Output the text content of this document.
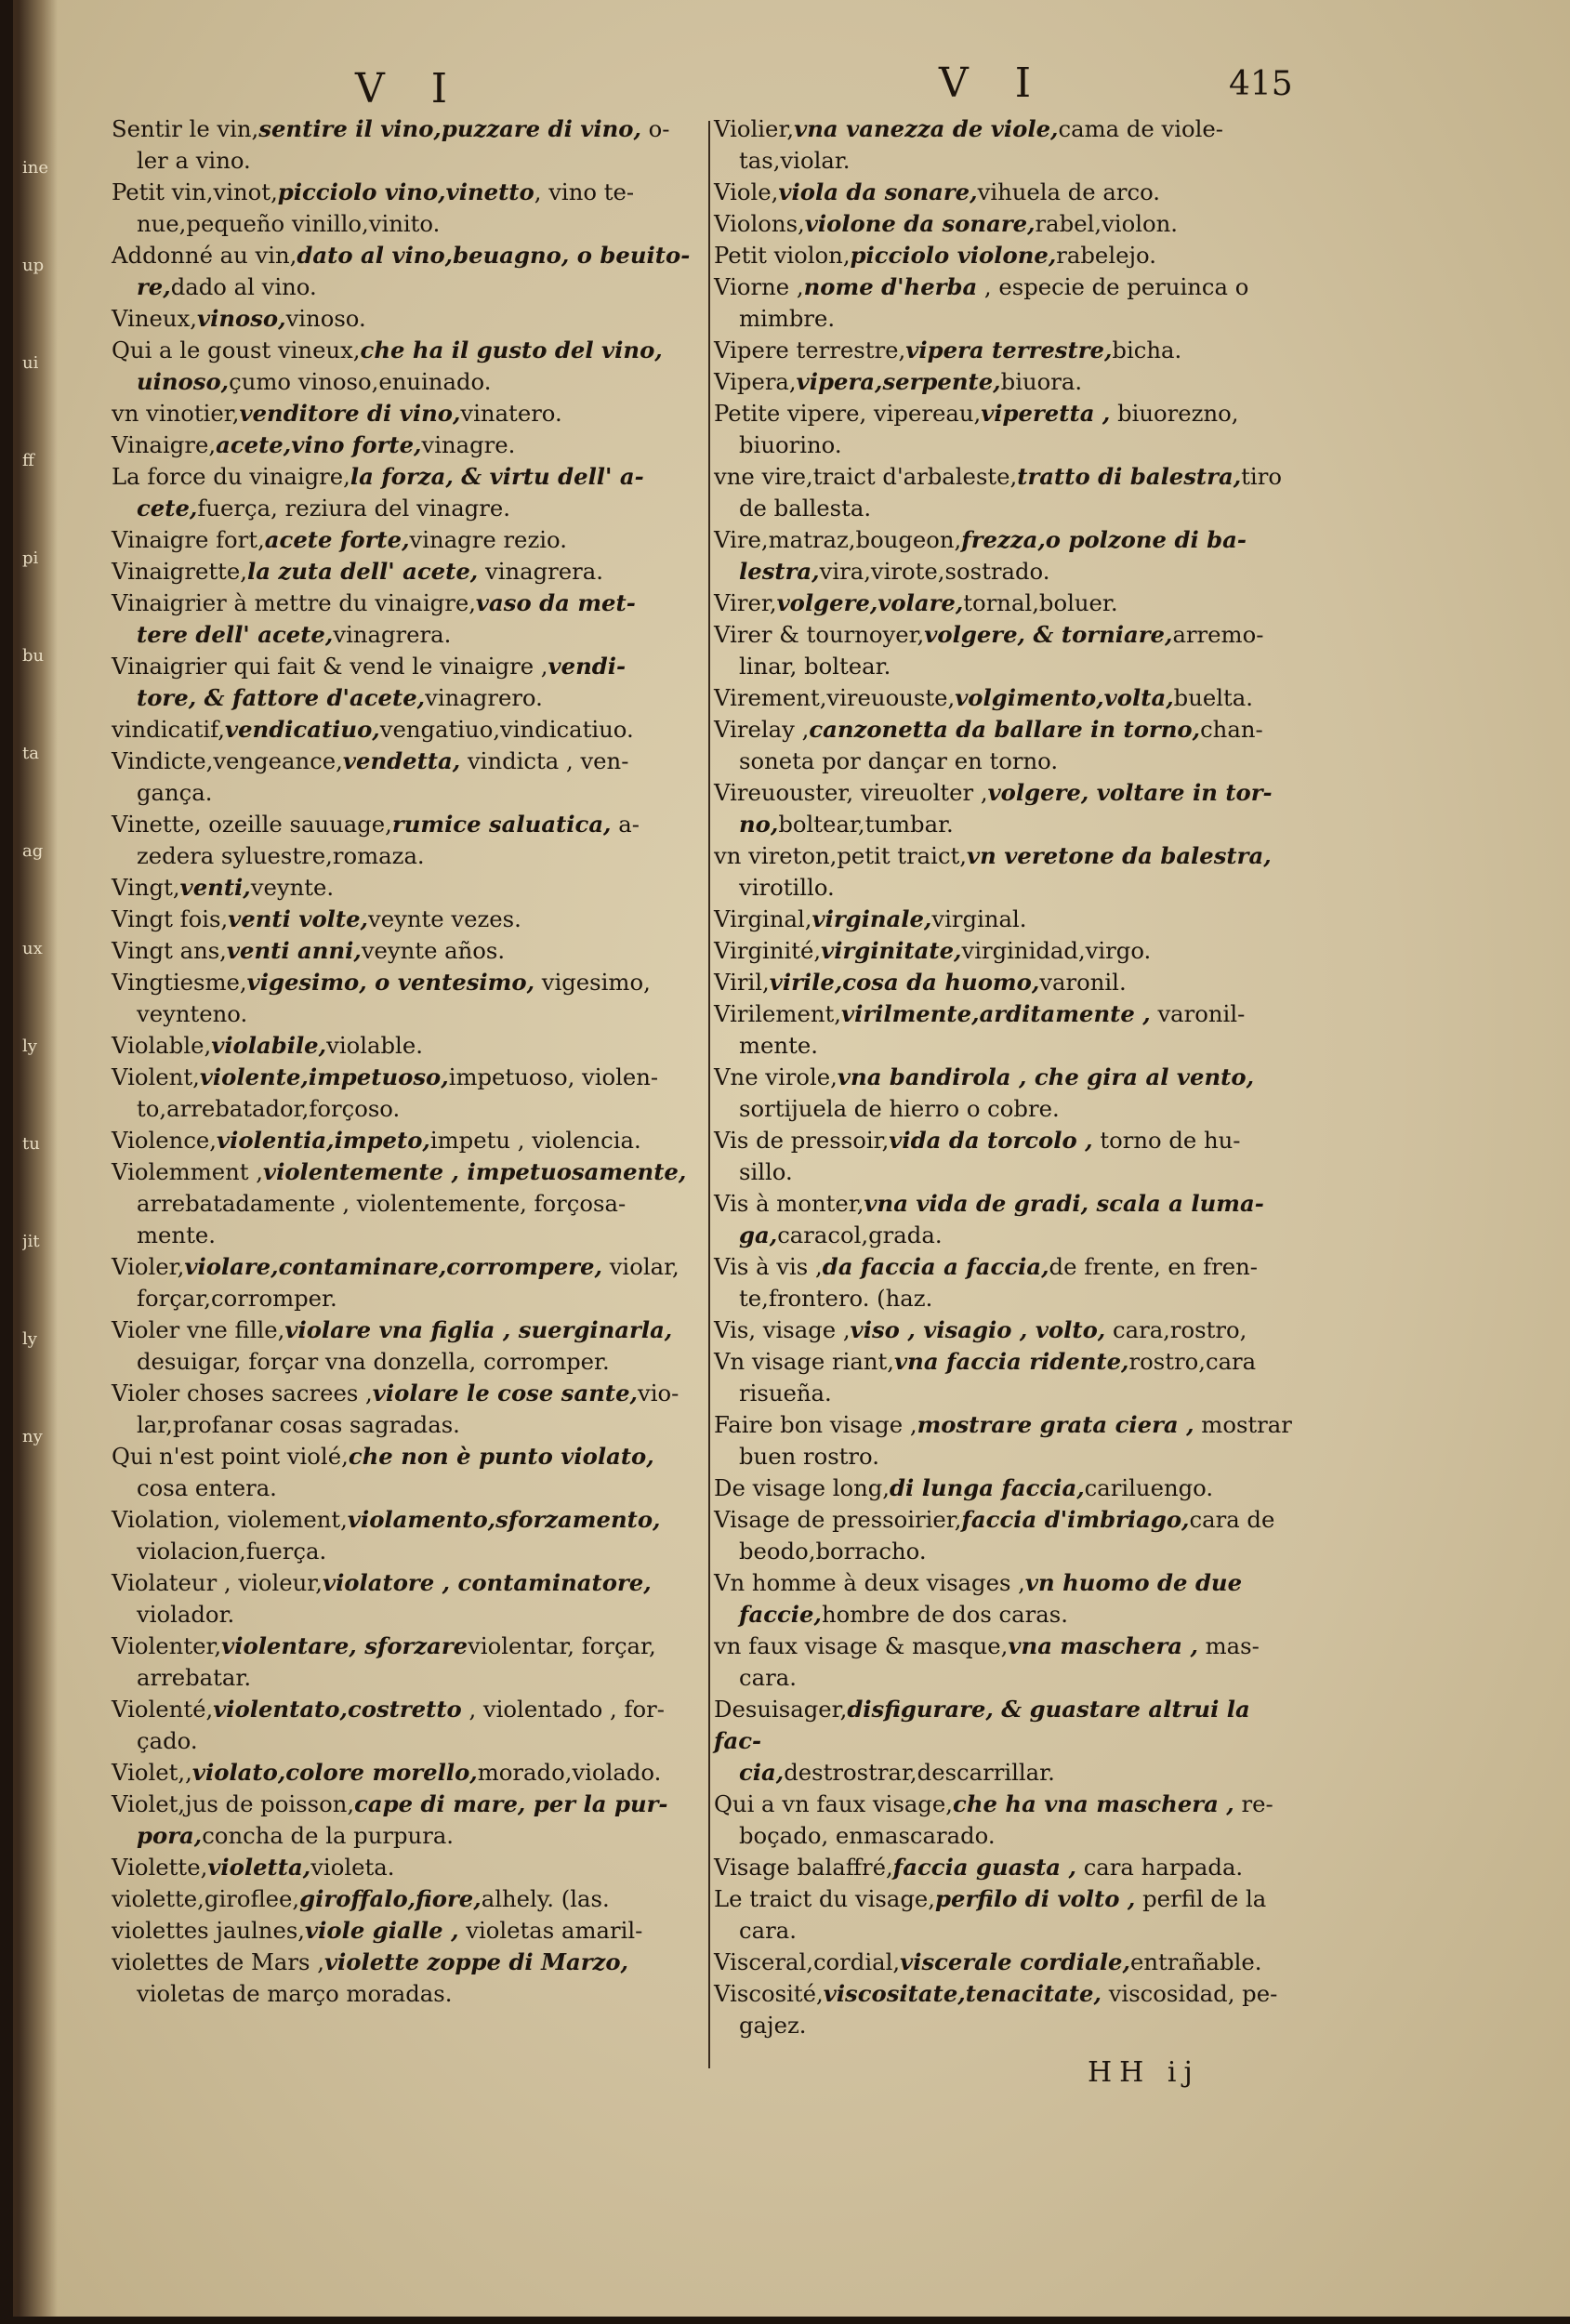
ine
up
ui
ff
pi
bu
ta
ag
ux
ly
tu
jit
ly
ny
V I	V I	415
Sentir le vin,sentire il vino,puzzare di vino, o-
ler a vino.
Petit vin,vinot,picciolo vino,vinetto, vino te-
nue,pequeño vinillo,vinito.
Addonné au vin,dato al vino,beuagno, o beuito-
re,dado al vino.
Vineux,vinoso,vinoso.
Qui a le goust vineux,che ha il gusto del vino,
uinoso,çumo vinoso,enuinado.
vn vinotier,venditore di vino,vinatero.
Vinaigre,acete,vino forte,vinagre.
La force du vinaigre,la forza, & virtu dell' a-
cete,fuerça, reziura del vinagre.
Vinaigre fort,acete forte,vinagre rezio.
Vinaigrette,la zuta dell' acete, vinagrera.
Vinaigrier à mettre du vinaigre,vaso da met-
tere dell' acete,vinagrera.
Vinaigrier qui fait & vend le vinaigre ,vendi-
tore, & fattore d'acete,vinagrero.
vindicatif,vendicatiuo,vengatiuo,vindicatiuo.
Vindicte,vengeance,vendetta, vindicta , ven-
gança.
Vinette, ozeille sauuage,rumice saluatica, a-
zedera syluestre,romaza.
Vingt,venti,veynte.
Vingt fois,venti volte,veynte vezes.
Vingt ans,venti anni,veynte años.
Vingtiesme,vigesimo, o ventesimo, vigesimo,
veynteno.
Violable,violabile,violable.
Violent,violente,impetuoso,impetuoso, violen-
to,arrebatador,forçoso.
Violence,violentia,impeto,impetu , violencia.
Violemment ,violentemente , impetuosamente,
arrebatadamente , violentemente, forçosa-
mente.
Violer,violare,contaminare,corrompere, violar,
forçar,corromper.
Violer vne fille,violare vna figlia , suerginarla,
desuigar, forçar vna donzella, corromper.
Violer choses sacrees ,violare le cose sante,vio-
lar,profanar cosas sagradas.
Qui n'est point violé,che non è punto violato,
cosa entera.
Violation, violement,violamento,sforzamento,
violacion,fuerça.
Violateur , violeur,violatore , contaminatore,
violador.
Violenter,violentare, sforzareviolentar, forçar,
arrebatar.
Violenté,violentato,costretto , violentado , for-
çado.
Violet,,violato,colore morello,morado,violado.
Violet,jus de poisson,cape di mare, per la pur-
pora,concha de la purpura.
Violette,violetta,violeta.
violette,giroflee,giroffalo,fiore,alhely. (las.
violettes jaulnes,viole gialle , violetas amaril-
violettes de Mars ,violette zoppe di Marzo,
violetas de março moradas.
Violier,vna vanezza de viole,cama de viole-
tas,violar.
Viole,viola da sonare,vihuela de arco.
Violons,violone da sonare,rabel,violon.
Petit violon,picciolo violone,rabelejo.
Viorne ,nome d'herba , especie de peruinca o
mimbre.
Vipere terrestre,vipera terrestre,bicha.
Vipera,vipera,serpente,biuora.
Petite vipere, vipereau,viperetta , biuorezno,
biuorino.
vne vire,traict d'arbaleste,tratto di balestra,tiro
de ballesta.
Vire,matraz,bougeon,frezza,o polzone di ba-
lestra,vira,virote,sostrado.
Virer,volgere,volare,tornal,boluer.
Virer & tournoyer,volgere, & torniare,arremo-
linar, boltear.
Virement,vireuouste,volgimento,volta,buelta.
Virelay ,canzonetta da ballare in torno,chan-
soneta por dançar en torno.
Vireuouster, vireuolter ,volgere, voltare in tor-
no,boltear,tumbar.
vn vireton,petit traict,vn veretone da balestra,
virotillo.
Virginal,virginale,virginal.
Virginité,virginitate,virginidad,virgo.
Viril,virile,cosa da huomo,varonil.
Virilement,virilmente,arditamente , varonil-
mente.
Vne virole,vna bandirola , che gira al vento,
sortijuela de hierro o cobre.
Vis de pressoir,vida da torcolo , torno de hu-
sillo.
Vis à monter,vna vida de gradi, scala a luma-
ga,caracol,grada.
Vis à vis ,da faccia a faccia,de frente, en fren-
te,frontero. (haz.
Vis, visage ,viso , visagio , volto, cara,rostro,
Vn visage riant,vna faccia ridente,rostro,cara
risueña.
Faire bon visage ,mostrare grata ciera , mostrar
buen rostro.
De visage long,di lunga faccia,cariluengo.
Visage de pressoirier,faccia d'imbriago,cara de
beodo,borracho.
Vn homme à deux visages ,vn huomo de due
faccie,hombre de dos caras.
vn faux visage & masque,vna maschera , mas-
cara.
Desuisager,disfigurare, & guastare altrui la fac-
cia,destrostrar,descarrillar.
Qui a vn faux visage,che ha vna maschera , re-
boçado, enmascarado.
Visage balaffré,faccia guasta , cara harpada.
Le traict du visage,perfilo di volto , perfil de la
cara.
Visceral,cordial,viscerale cordiale,entrañable.
Viscosité,viscositate,tenacitate, viscosidad, pe-
gajez.
HH ij
